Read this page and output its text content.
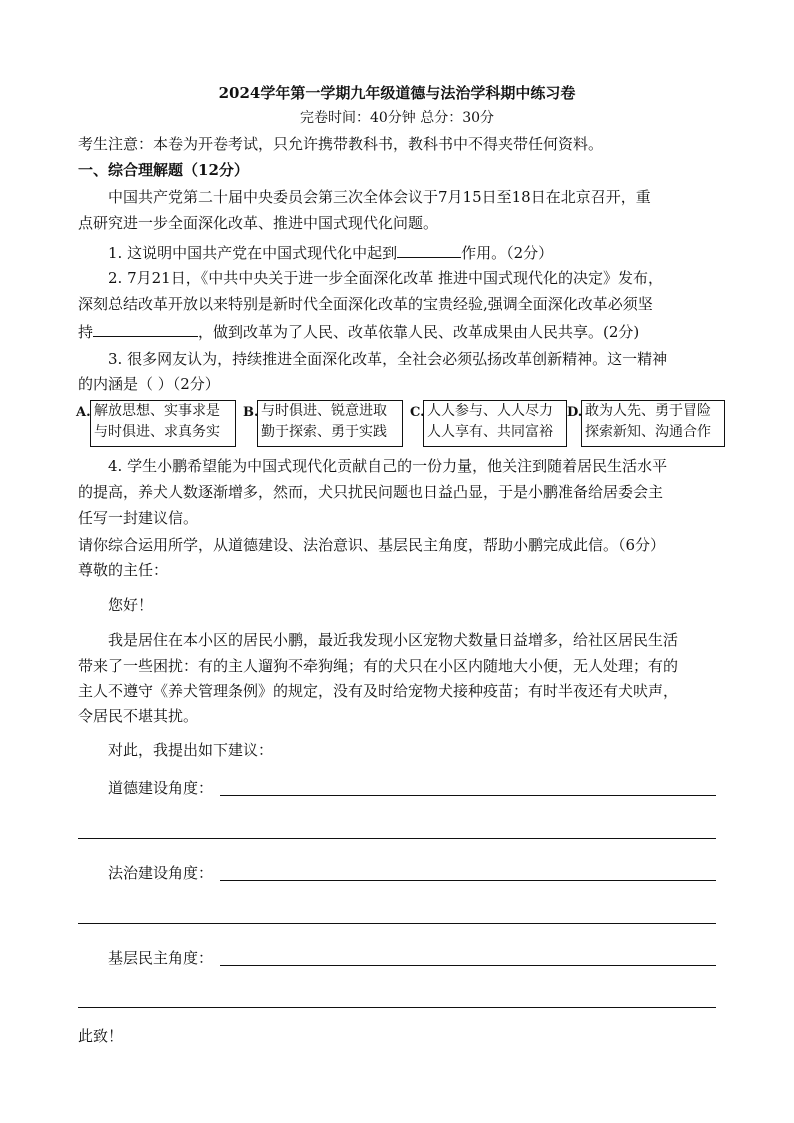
2024学年第一学期九年级道德与法治学科期中练习卷
完卷时间：40分钟 总分：30分
考生注意：本卷为开卷考试，只允许携带教科书，教科书中不得夹带任何资料。
一、综合理解题（12分）
中国共产党第二十届中央委员会第三次全体会议于7月15日至18日在北京召开，重
点研究进一步全面深化改革、推进中国式现代化问题。
1. 这说明中国共产党在中国式现代化中起到	作用。（2分）
2. 7月21日，《中共中央关于进一步全面深化改革 推进中国式现代化的决定》发布，
深刻总结改革开放以来特别是新时代全面深化改革的宝贵经验,强调全面深化改革必须坚
持	，做到改革为了人民、改革依靠人民、改革成果由人民共享。(2分)
3. 很多网友认为，持续推进全面深化改革，全社会必须弘扬改革创新精神。这一精神
的内涵是（ ）（2分）
A. 解放思想、实事求是
与时俱进、求真务实
B. 与时俱进、锐意进取
勤于探索、勇于实践
C. 人人参与、人人尽力
人人享有、共同富裕
D. 敢为人先、勇于冒险
探索新知、沟通合作
4. 学生小鹏希望能为中国式现代化贡献自己的一份力量，他关注到随着居民生活水平
的提高，养犬人数逐渐增多，然而，犬只扰民问题也日益凸显，于是小鹏准备给居委会主
任写一封建议信。
请你综合运用所学，从道德建设、法治意识、基层民主角度，帮助小鹏完成此信。（6分）
尊敬的主任：
您好！
我是居住在本小区的居民小鹏，最近我发现小区宠物犬数量日益增多，给社区居民生活
带来了一些困扰：有的主人遛狗不牵狗绳；有的犬只在小区内随地大小便，无人处理；有的
主人不遵守《养犬管理条例》的规定，没有及时给宠物犬接种疫苗；有时半夜还有犬吠声，
令居民不堪其扰。
对此，我提出如下建议：
道德建设角度：
法治建设角度：
基层民主角度：
此致！
